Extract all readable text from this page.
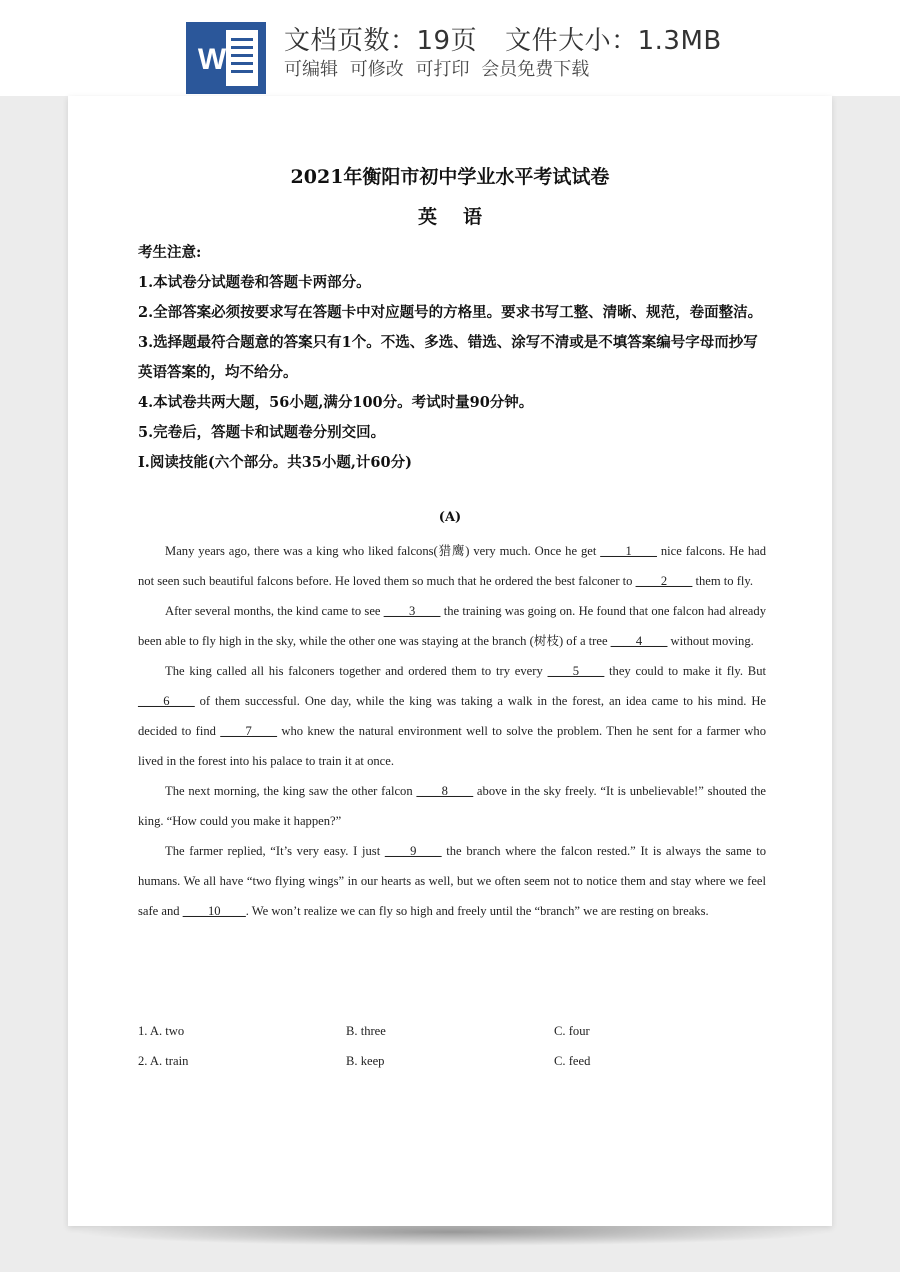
W
文档页数：19页 文件大小：1.3MB
可编辑 可修改 可打印 会员免费下载
2021年衡阳市初中学业水平考试试卷
英语

考生注意:

1.本试卷分试题卷和答题卡两部分。

2.全部答案必须按要求写在答题卡中对应题号的方格里。要求书写工整、清晰、规范，卷面整洁。

3.选择题最符合题意的答案只有1个。不选、多选、错选、涂写不清或是不填答案编号字母而抄写英语答案的，均不给分。

4.本试卷共两大题，56小题,满分100分。考试时量90分钟。

5.完卷后，答题卡和试题卷分别交回。

I.阅读技能(六个部分。共35小题,计60分)

(A)

Many years ago, there was a king who liked falcons(猎鹰) very much. Once he get ____1____ nice falcons. He had not seen such beautiful falcons before. He loved them so much that he ordered the best falconer to ____2____ them to fly.

After several months, the kind came to see ____3____ the training was going on. He found that one falcon had already been able to fly high in the sky, while the other one was staying at the branch (树枝) of a tree ____4____ without moving.

The king called all his falconers together and ordered them to try every ____5____ they could to make it fly. But ____6____ of them successful. One day, while the king was taking a walk in the forest, an idea came to his mind. He decided to find ____7____ who knew the natural environment well to solve the problem. Then he sent for a farmer who lived in the forest into his palace to train it at once.

The next morning, the king saw the other falcon ____8____ above in the sky freely. “It is unbelievable!” shouted the king. “How could you make it happen?”

The farmer replied, “It’s very easy. I just ____9____ the branch where the falcon rested.” It is always the same to humans. We all have “two flying wings” in our hearts as well, but we often seem not to notice them and stay where we feel safe and ____10____. We won’t realize we can fly so high and freely until the “branch” we are resting on breaks.

1. A. two	B. three	C. four
2. A. train	B. keep	C. feed
